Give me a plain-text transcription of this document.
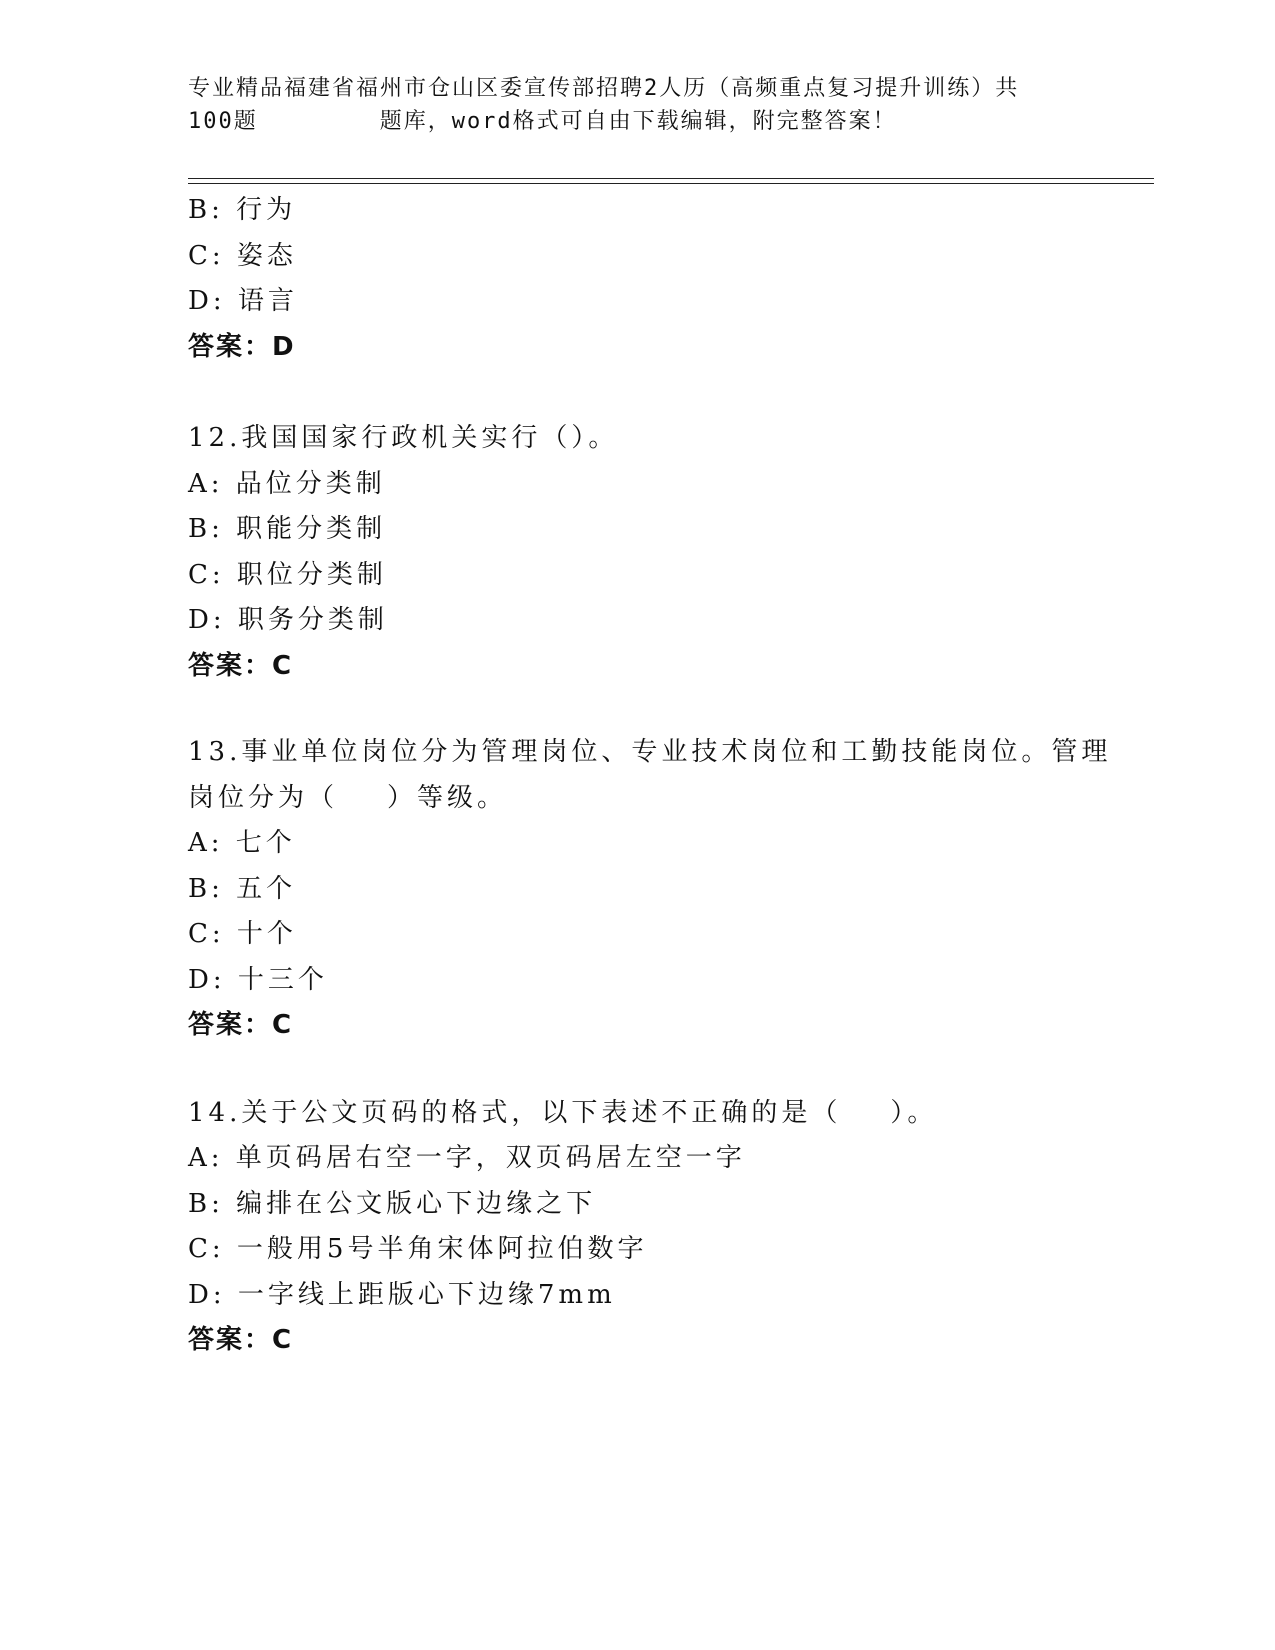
专业精品福建省福州市仓山区委宣传部招聘2人历（高频重点复习提升训练）共
100题        题库，word格式可自由下载编辑，附完整答案！
B: 行为
C: 姿态
D: 语言
答案：D
12.我国国家行政机关实行（）。
A: 品位分类制
B: 职能分类制
C: 职位分类制
D: 职务分类制
答案：C
13.事业单位岗位分为管理岗位、专业技术岗位和工勤技能岗位。管理
岗位分为（    ）等级。
A: 七个
B: 五个
C: 十个
D: 十三个
答案：C
14.关于公文页码的格式，以下表述不正确的是（    ）。
A: 单页码居右空一字，双页码居左空一字
B: 编排在公文版心下边缘之下
C: 一般用5号半角宋体阿拉伯数字
D: 一字线上距版心下边缘7mm
答案：C
